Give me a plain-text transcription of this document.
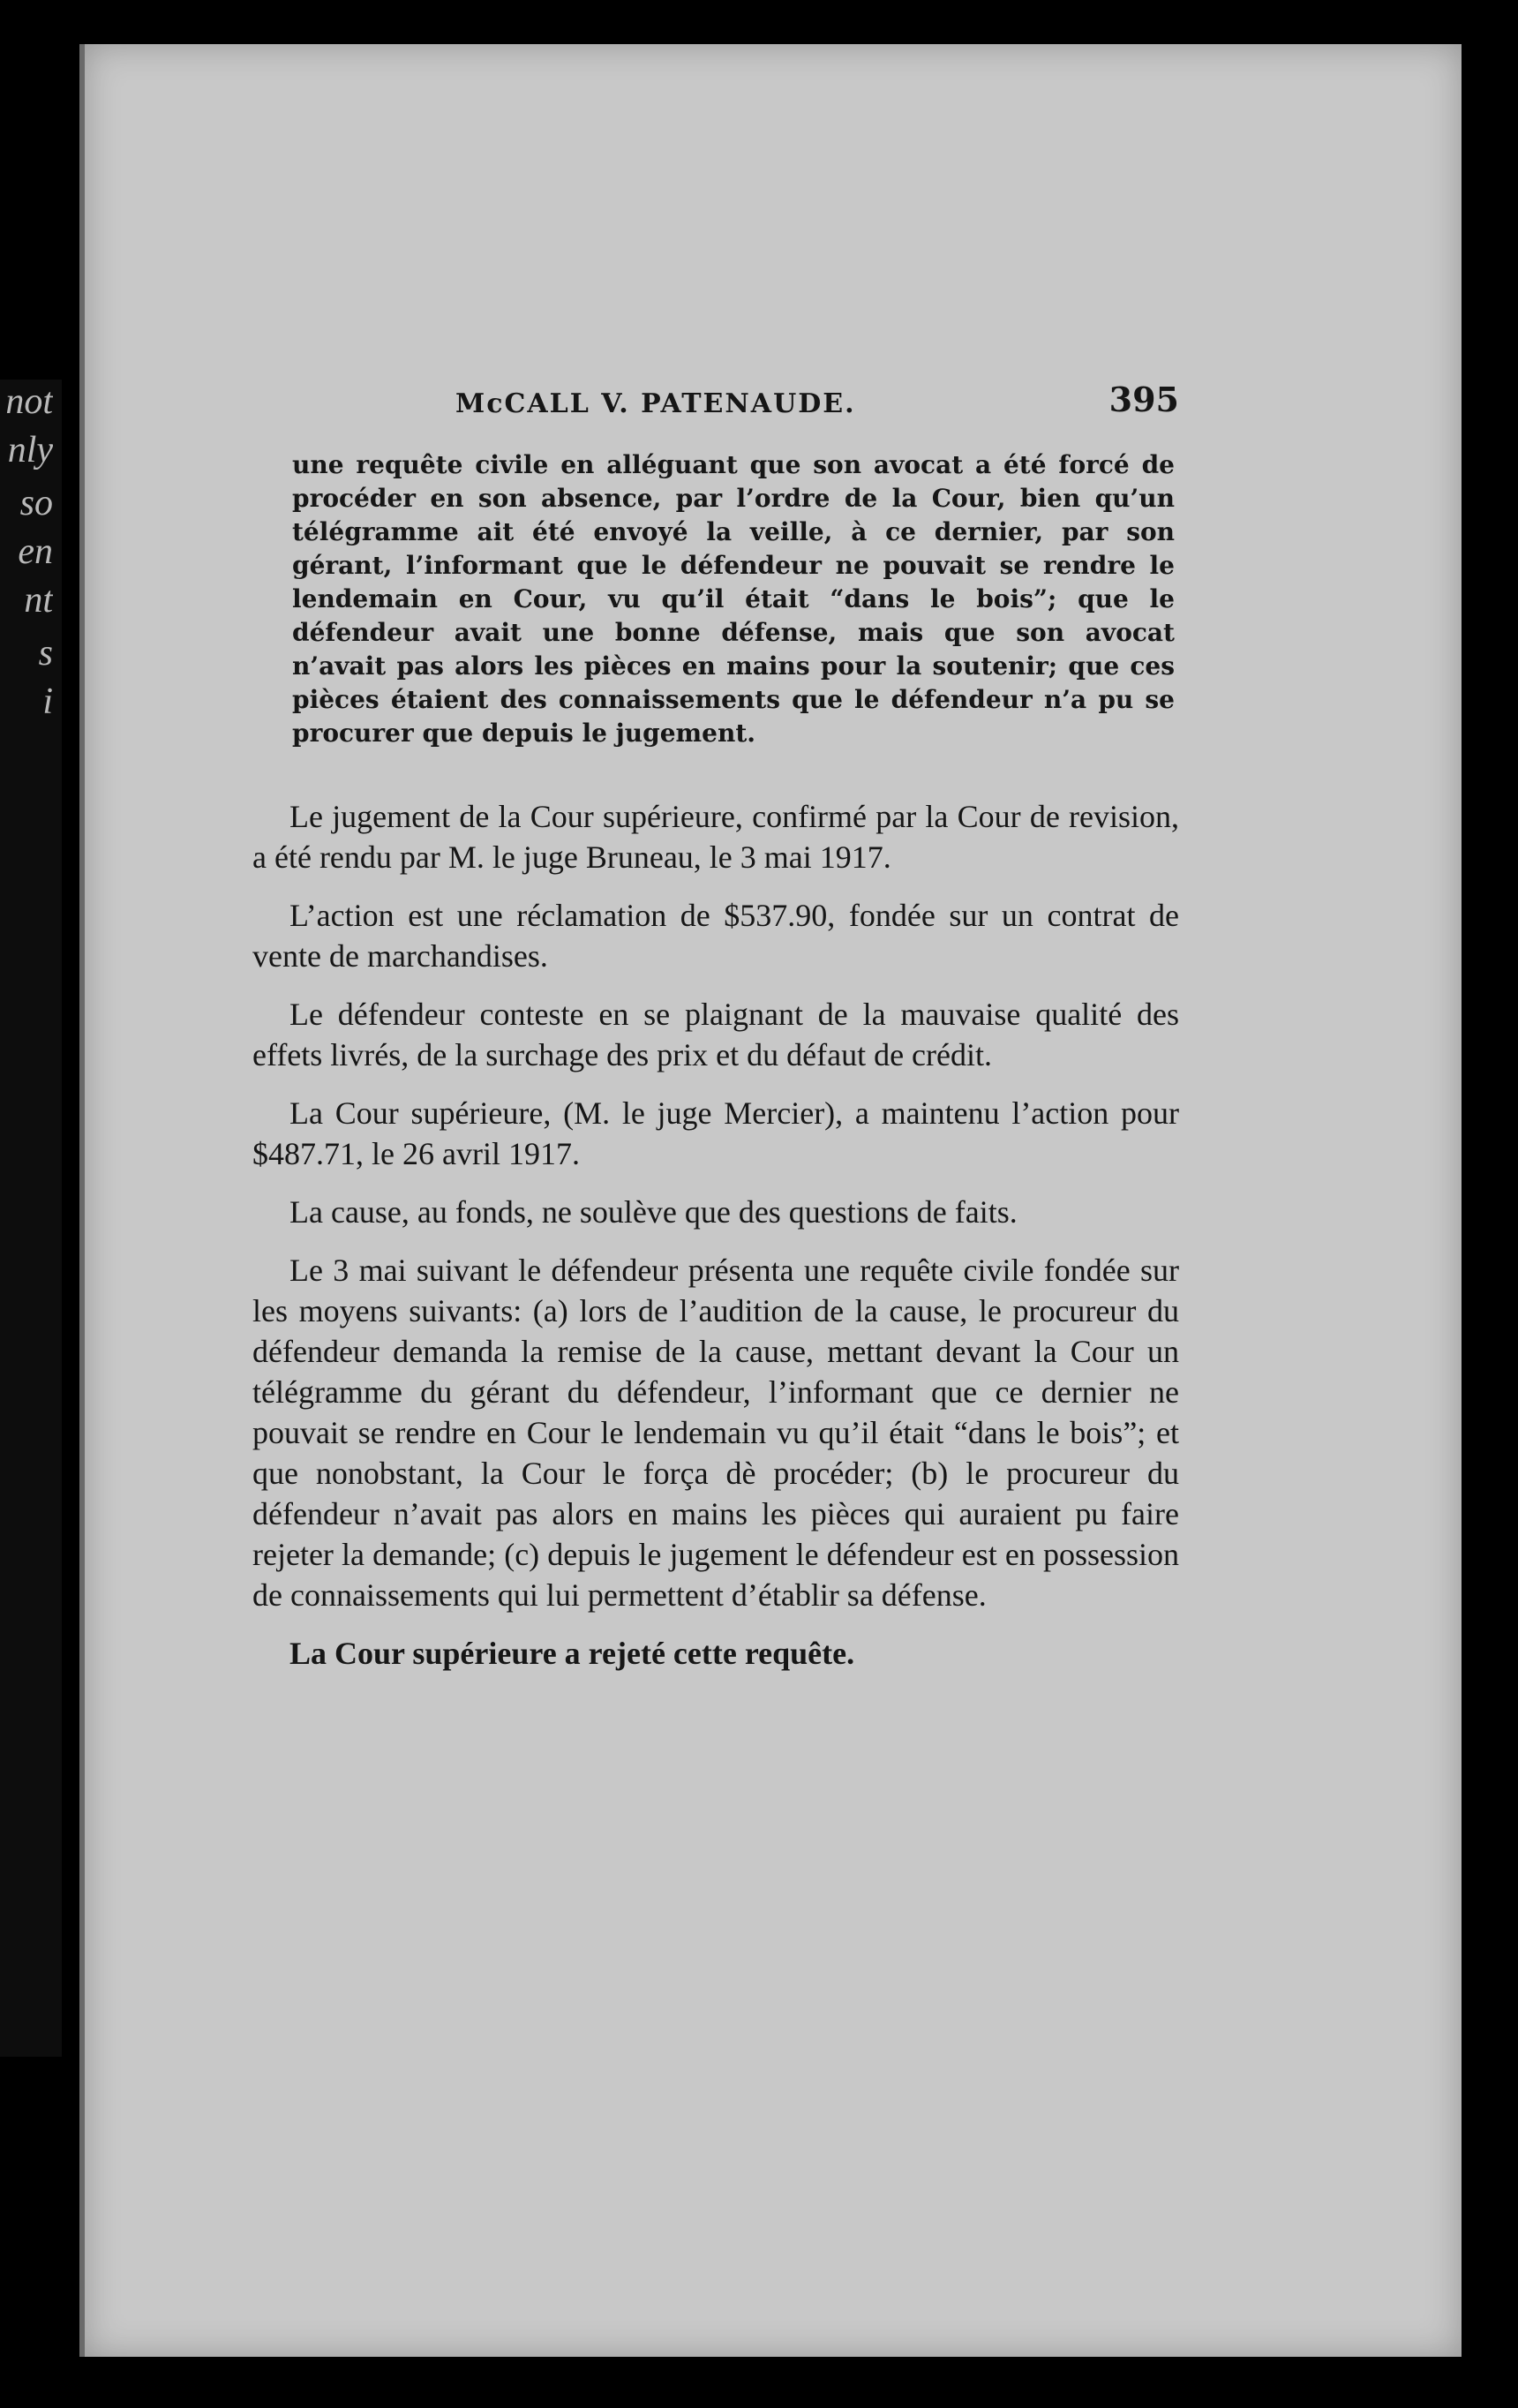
not
nly
so
en
nt
s
i
McCALL V. PATENAUDE.	395

une requête civile en alléguant que son avocat a été forcé de procéder en son absence, par l’ordre de la Cour, bien qu’un télégramme ait été envoyé la veille, à ce dernier, par son gérant, l’informant que le défendeur ne pouvait se rendre le lendemain en Cour, vu qu’il était “dans le bois”; que le défendeur avait une bonne défense, mais que son avocat n’avait pas alors les pièces en mains pour la soutenir; que ces pièces étaient des connaissements que le défendeur n’a pu se procurer que depuis le jugement.

Le jugement de la Cour supérieure, confirmé par la Cour de revision, a été rendu par M. le juge Bruneau, le 3 mai 1917.

L’action est une réclamation de $537.90, fondée sur un contrat de vente de marchandises.

Le défendeur conteste en se plaignant de la mauvaise qualité des effets livrés, de la surchage des prix et du défaut de crédit.

La Cour supérieure, (M. le juge Mercier), a maintenu l’action pour $487.71, le 26 avril 1917.

La cause, au fonds, ne soulève que des questions de faits.

Le 3 mai suivant le défendeur présenta une requête civile fondée sur les moyens suivants: (a) lors de l’audition de la cause, le procureur du défendeur demanda la remise de la cause, mettant devant la Cour un télégramme du gérant du défendeur, l’informant que ce dernier ne pouvait se rendre en Cour le lendemain vu qu’il était “dans le bois”; et que nonobstant, la Cour le força dè procéder; (b) le procureur du défendeur n’avait pas alors en mains les pièces qui auraient pu faire rejeter la demande; (c) depuis le jugement le défendeur est en possession de connaissements qui lui permettent d’établir sa défense.

La Cour supérieure a rejeté cette requête.
